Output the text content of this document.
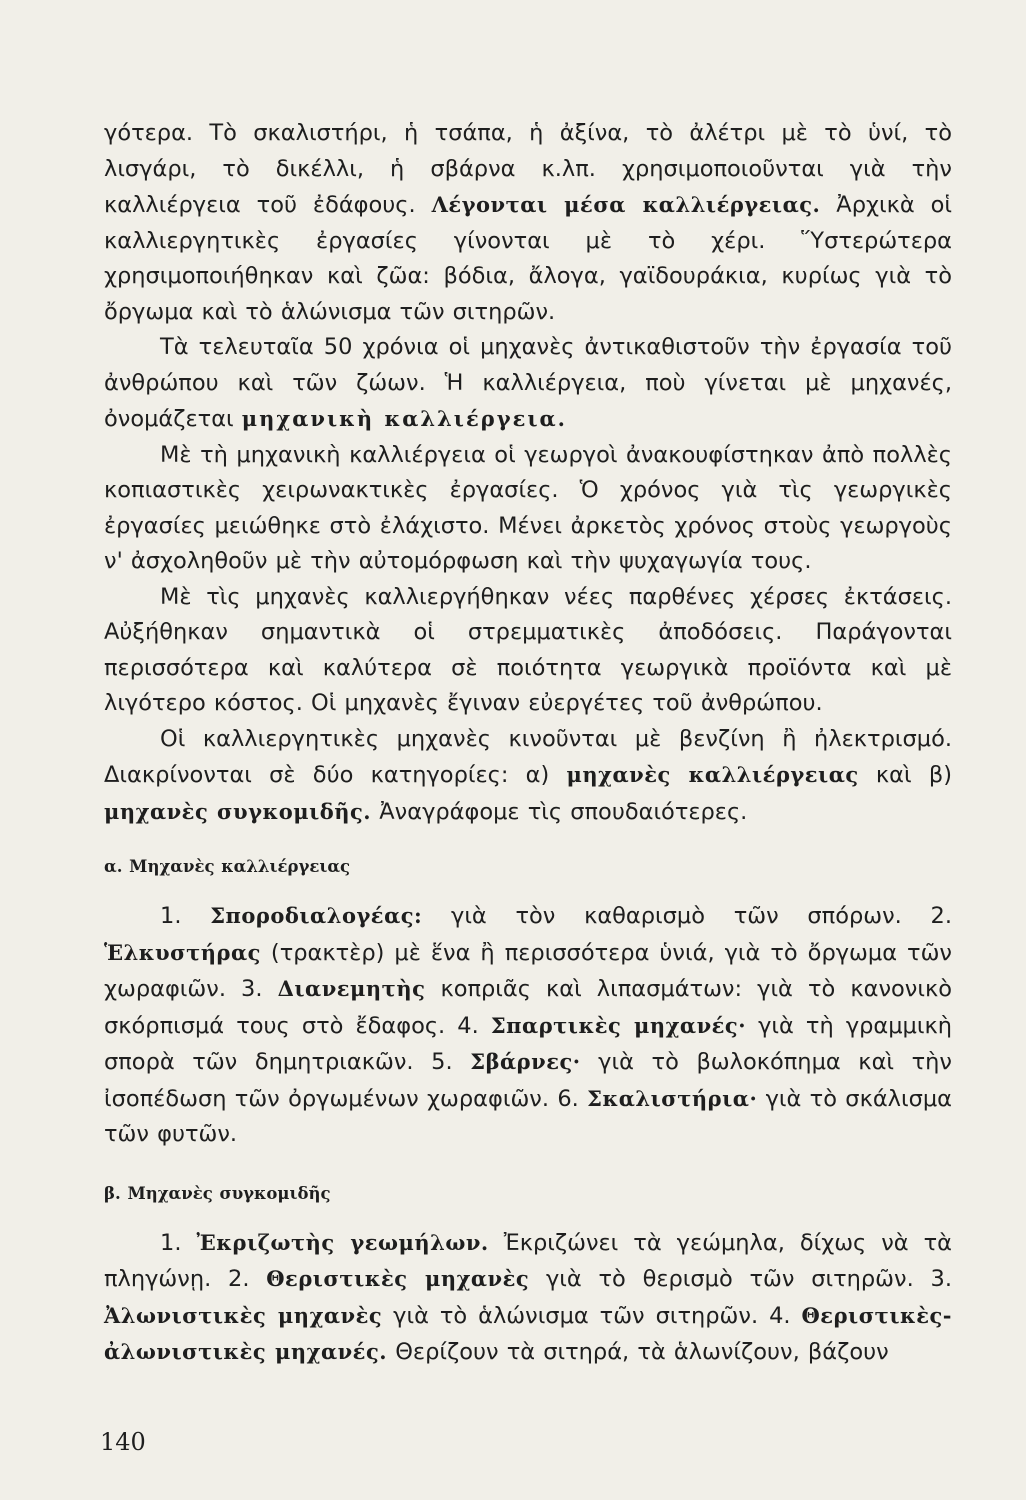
γότερα. Τὸ σκαλιστήρι, ἡ τσάπα, ἡ ἀξίνα, τὸ ἀλέτρι μὲ τὸ ὑνί, τὸ λισγάρι, τὸ δικέλλι, ἡ σβάρνα κ.λπ. χρησιμοποιοῦνται γιὰ τὴν καλλιέργεια τοῦ ἐδάφους. Λέγονται μέσα καλλιέργειας. Ἀρχικὰ οἱ καλλιεργητικὲς ἐργασίες γίνονται μὲ τὸ χέρι. Ὕστερώτερα χρησιμοποιήθηκαν καὶ ζῶα: βόδια, ἄλογα, γαϊδουράκια, κυρίως γιὰ τὸ ὄργωμα καὶ τὸ ἁλώνισμα τῶν σιτηρῶν.

Τὰ τελευταῖα 50 χρόνια οἱ μηχανὲς ἀντικαθιστοῦν τὴν ἐργασία τοῦ ἀνθρώπου καὶ τῶν ζώων. Ἡ καλλιέργεια, ποὺ γίνεται μὲ μηχανές, ὀνομάζεται μηχανικὴ καλλιέργεια.

Μὲ τὴ μηχανικὴ καλλιέργεια οἱ γεωργοὶ ἀνακουφίστηκαν ἀπὸ πολλὲς κοπιαστικὲς χειρωνακτικὲς ἐργασίες. Ὁ χρόνος γιὰ τὶς γεωργικὲς ἐργασίες μειώθηκε στὸ ἐλάχιστο. Μένει ἀρκετὸς χρόνος στοὺς γεωργοὺς ν' ἀσχοληθοῦν μὲ τὴν αὐτομόρφωση καὶ τὴν ψυχαγωγία τους.

Μὲ τὶς μηχανὲς καλλιεργήθηκαν νέες παρθένες χέρσες ἐκτάσεις. Αὐξήθηκαν σημαντικὰ οἱ στρεμματικὲς ἀποδόσεις. Παράγονται περισσότερα καὶ καλύτερα σὲ ποιότητα γεωργικὰ προϊόντα καὶ μὲ λιγότερο κόστος. Οἱ μηχανὲς ἔγιναν εὐεργέτες τοῦ ἀνθρώπου.

Οἱ καλλιεργητικὲς μηχανὲς κινοῦνται μὲ βενζίνη ἢ ἠλεκτρισμό. Διακρίνονται σὲ δύο κατηγορίες: α) μηχανὲς καλλιέργειας καὶ β) μηχανὲς συγκομιδῆς. Ἀναγράφομε τὶς σπουδαιότερες.

α. Μηχανὲς καλλιέργειας

1. Σποροδιαλογέας: γιὰ τὸν καθαρισμὸ τῶν σπόρων. 2. Ἑλκυστήρας (τρακτὲρ) μὲ ἕνα ἢ περισσότερα ὑνιά, γιὰ τὸ ὄργωμα τῶν χωραφιῶν. 3. Διανεμητὴς κοπριᾶς καὶ λιπασμάτων: γιὰ τὸ κανονικὸ σκόρπισμά τους στὸ ἔδαφος. 4. Σπαρτικὲς μηχανές· γιὰ τὴ γραμμικὴ σπορὰ τῶν δημητριακῶν. 5. Σβάρνες· γιὰ τὸ βωλοκόπημα καὶ τὴν ἰσοπέδωση τῶν ὀργωμένων χωραφιῶν. 6. Σκαλιστήρια· γιὰ τὸ σκάλισμα τῶν φυτῶν.

β. Μηχανὲς συγκομιδῆς

1. Ἐκριζωτὴς γεωμήλων. Ἐκριζώνει τὰ γεώμηλα, δίχως νὰ τὰ πληγώνῃ. 2. Θεριστικὲς μηχανὲς γιὰ τὸ θερισμὸ τῶν σιτηρῶν. 3. Ἀλωνιστικὲς μηχανὲς γιὰ τὸ ἁλώνισμα τῶν σιτηρῶν. 4. Θεριστικὲς-ἀλωνιστικὲς μηχανές. Θερίζουν τὰ σιτηρά, τὰ ἁλωνίζουν, βάζουν

140
